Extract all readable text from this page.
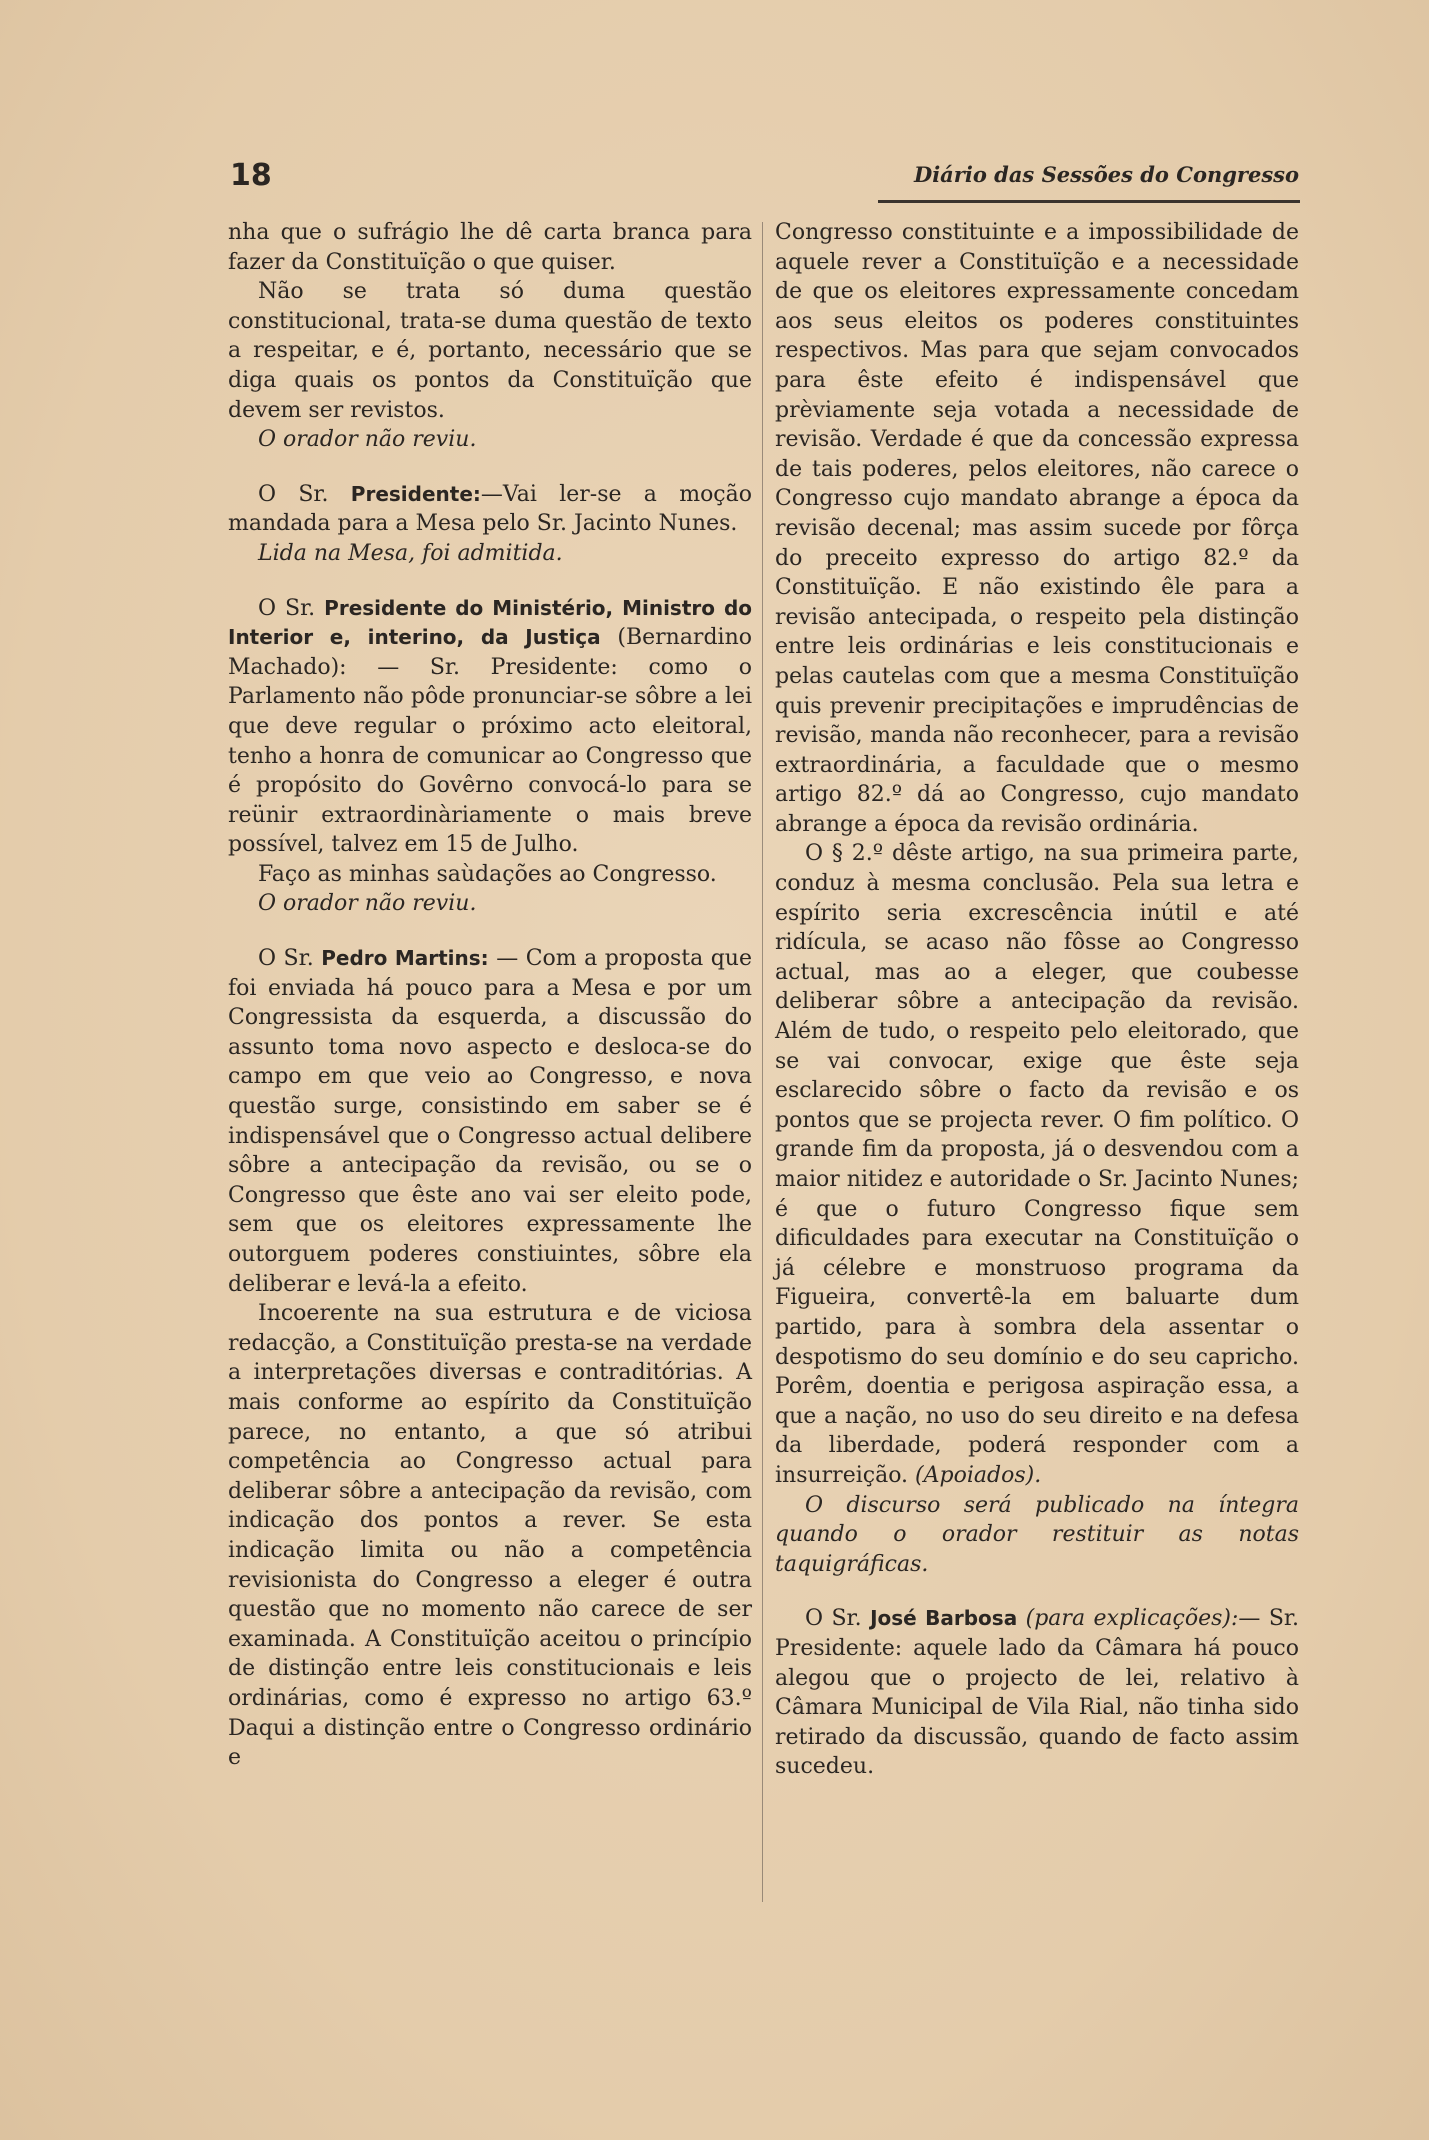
18	Diário das Sessões do Congresso

nha que o sufrágio lhe dê carta branca para fazer da Constituïção o que quiser.

Não se trata só duma questão constitucional, trata-se duma questão de texto a respeitar, e é, portanto, necessário que se diga quais os pontos da Constituïção que devem ser revistos.

O orador não reviu.

O Sr. Presidente:—Vai ler-se a moção mandada para a Mesa pelo Sr. Jacinto Nunes.

Lida na Mesa, foi admitida.

O Sr. Presidente do Ministério, Ministro do Interior e, interino, da Justiça (Bernardino Machado): — Sr. Presidente: como o Parlamento não pôde pronunciar-se sôbre a lei que deve regular o próximo acto eleitoral, tenho a honra de comunicar ao Congresso que é propósito do Govêrno convocá-lo para se reünir extraordinàriamente o mais breve possível, talvez em 15 de Julho.

Faço as minhas saùdações ao Congresso.

O orador não reviu.

O Sr. Pedro Martins: — Com a proposta que foi enviada há pouco para a Mesa e por um Congressista da esquerda, a discussão do assunto toma novo aspecto e desloca-se do campo em que veio ao Congresso, e nova questão surge, consistindo em saber se é indispensável que o Congresso actual delibere sôbre a antecipação da revisão, ou se o Congresso que êste ano vai ser eleito pode, sem que os eleitores expressamente lhe outorguem poderes constiuintes, sôbre ela deliberar e levá-la a efeito.

Incoerente na sua estrutura e de viciosa redacção, a Constituïção presta-se na verdade a interpretações diversas e contraditórias. A mais conforme ao espírito da Constituïção parece, no entanto, a que só atribui competência ao Congresso actual para deliberar sôbre a antecipação da revisão, com indicação dos pontos a rever. Se esta indicação limita ou não a competência revisionista do Congresso a eleger é outra questão que no momento não carece de ser examinada. A Constituïção aceitou o princípio de distinção entre leis constitucionais e leis ordinárias, como é expresso no artigo 63.º Daqui a distinção entre o Congresso ordinário e

Congresso constituinte e a impossibilidade de aquele rever a Constituïção e a necessidade de que os eleitores expressamente concedam aos seus eleitos os poderes constituintes respectivos. Mas para que sejam convocados para êste efeito é indispensável que prèviamente seja votada a necessidade de revisão. Verdade é que da concessão expressa de tais poderes, pelos eleitores, não carece o Congresso cujo mandato abrange a época da revisão decenal; mas assim sucede por fôrça do preceito expresso do artigo 82.º da Constituïção. E não existindo êle para a revisão antecipada, o respeito pela distinção entre leis ordinárias e leis constitucionais e pelas cautelas com que a mesma Constituïção quis prevenir precipitações e imprudências de revisão, manda não reconhecer, para a revisão extraordinária, a faculdade que o mesmo artigo 82.º dá ao Congresso, cujo mandato abrange a época da revisão ordinária.

O § 2.º dêste artigo, na sua primeira parte, conduz à mesma conclusão. Pela sua letra e espírito seria excrescência inútil e até ridícula, se acaso não fôsse ao Congresso actual, mas ao a eleger, que coubesse deliberar sôbre a antecipação da revisão. Além de tudo, o respeito pelo eleitorado, que se vai convocar, exige que êste seja esclarecido sôbre o facto da revisão e os pontos que se projecta rever. O fim político. O grande fim da proposta, já o desvendou com a maior nitidez e autoridade o Sr. Jacinto Nunes; é que o futuro Congresso fique sem dificuldades para executar na Constituïção o já célebre e monstruoso programa da Figueira, convertê-la em baluarte dum partido, para à sombra dela assentar o despotismo do seu domínio e do seu capricho. Porêm, doentia e perigosa aspiração essa, a que a nação, no uso do seu direito e na defesa da liberdade, poderá responder com a insurreição. (Apoiados).

O discurso será publicado na íntegra quando o orador restituir as notas taquigráficas.

O Sr. José Barbosa (para explicações):— Sr. Presidente: aquele lado da Câmara há pouco alegou que o projecto de lei, relativo à Câmara Municipal de Vila Rial, não tinha sido retirado da discussão, quando de facto assim sucedeu.
